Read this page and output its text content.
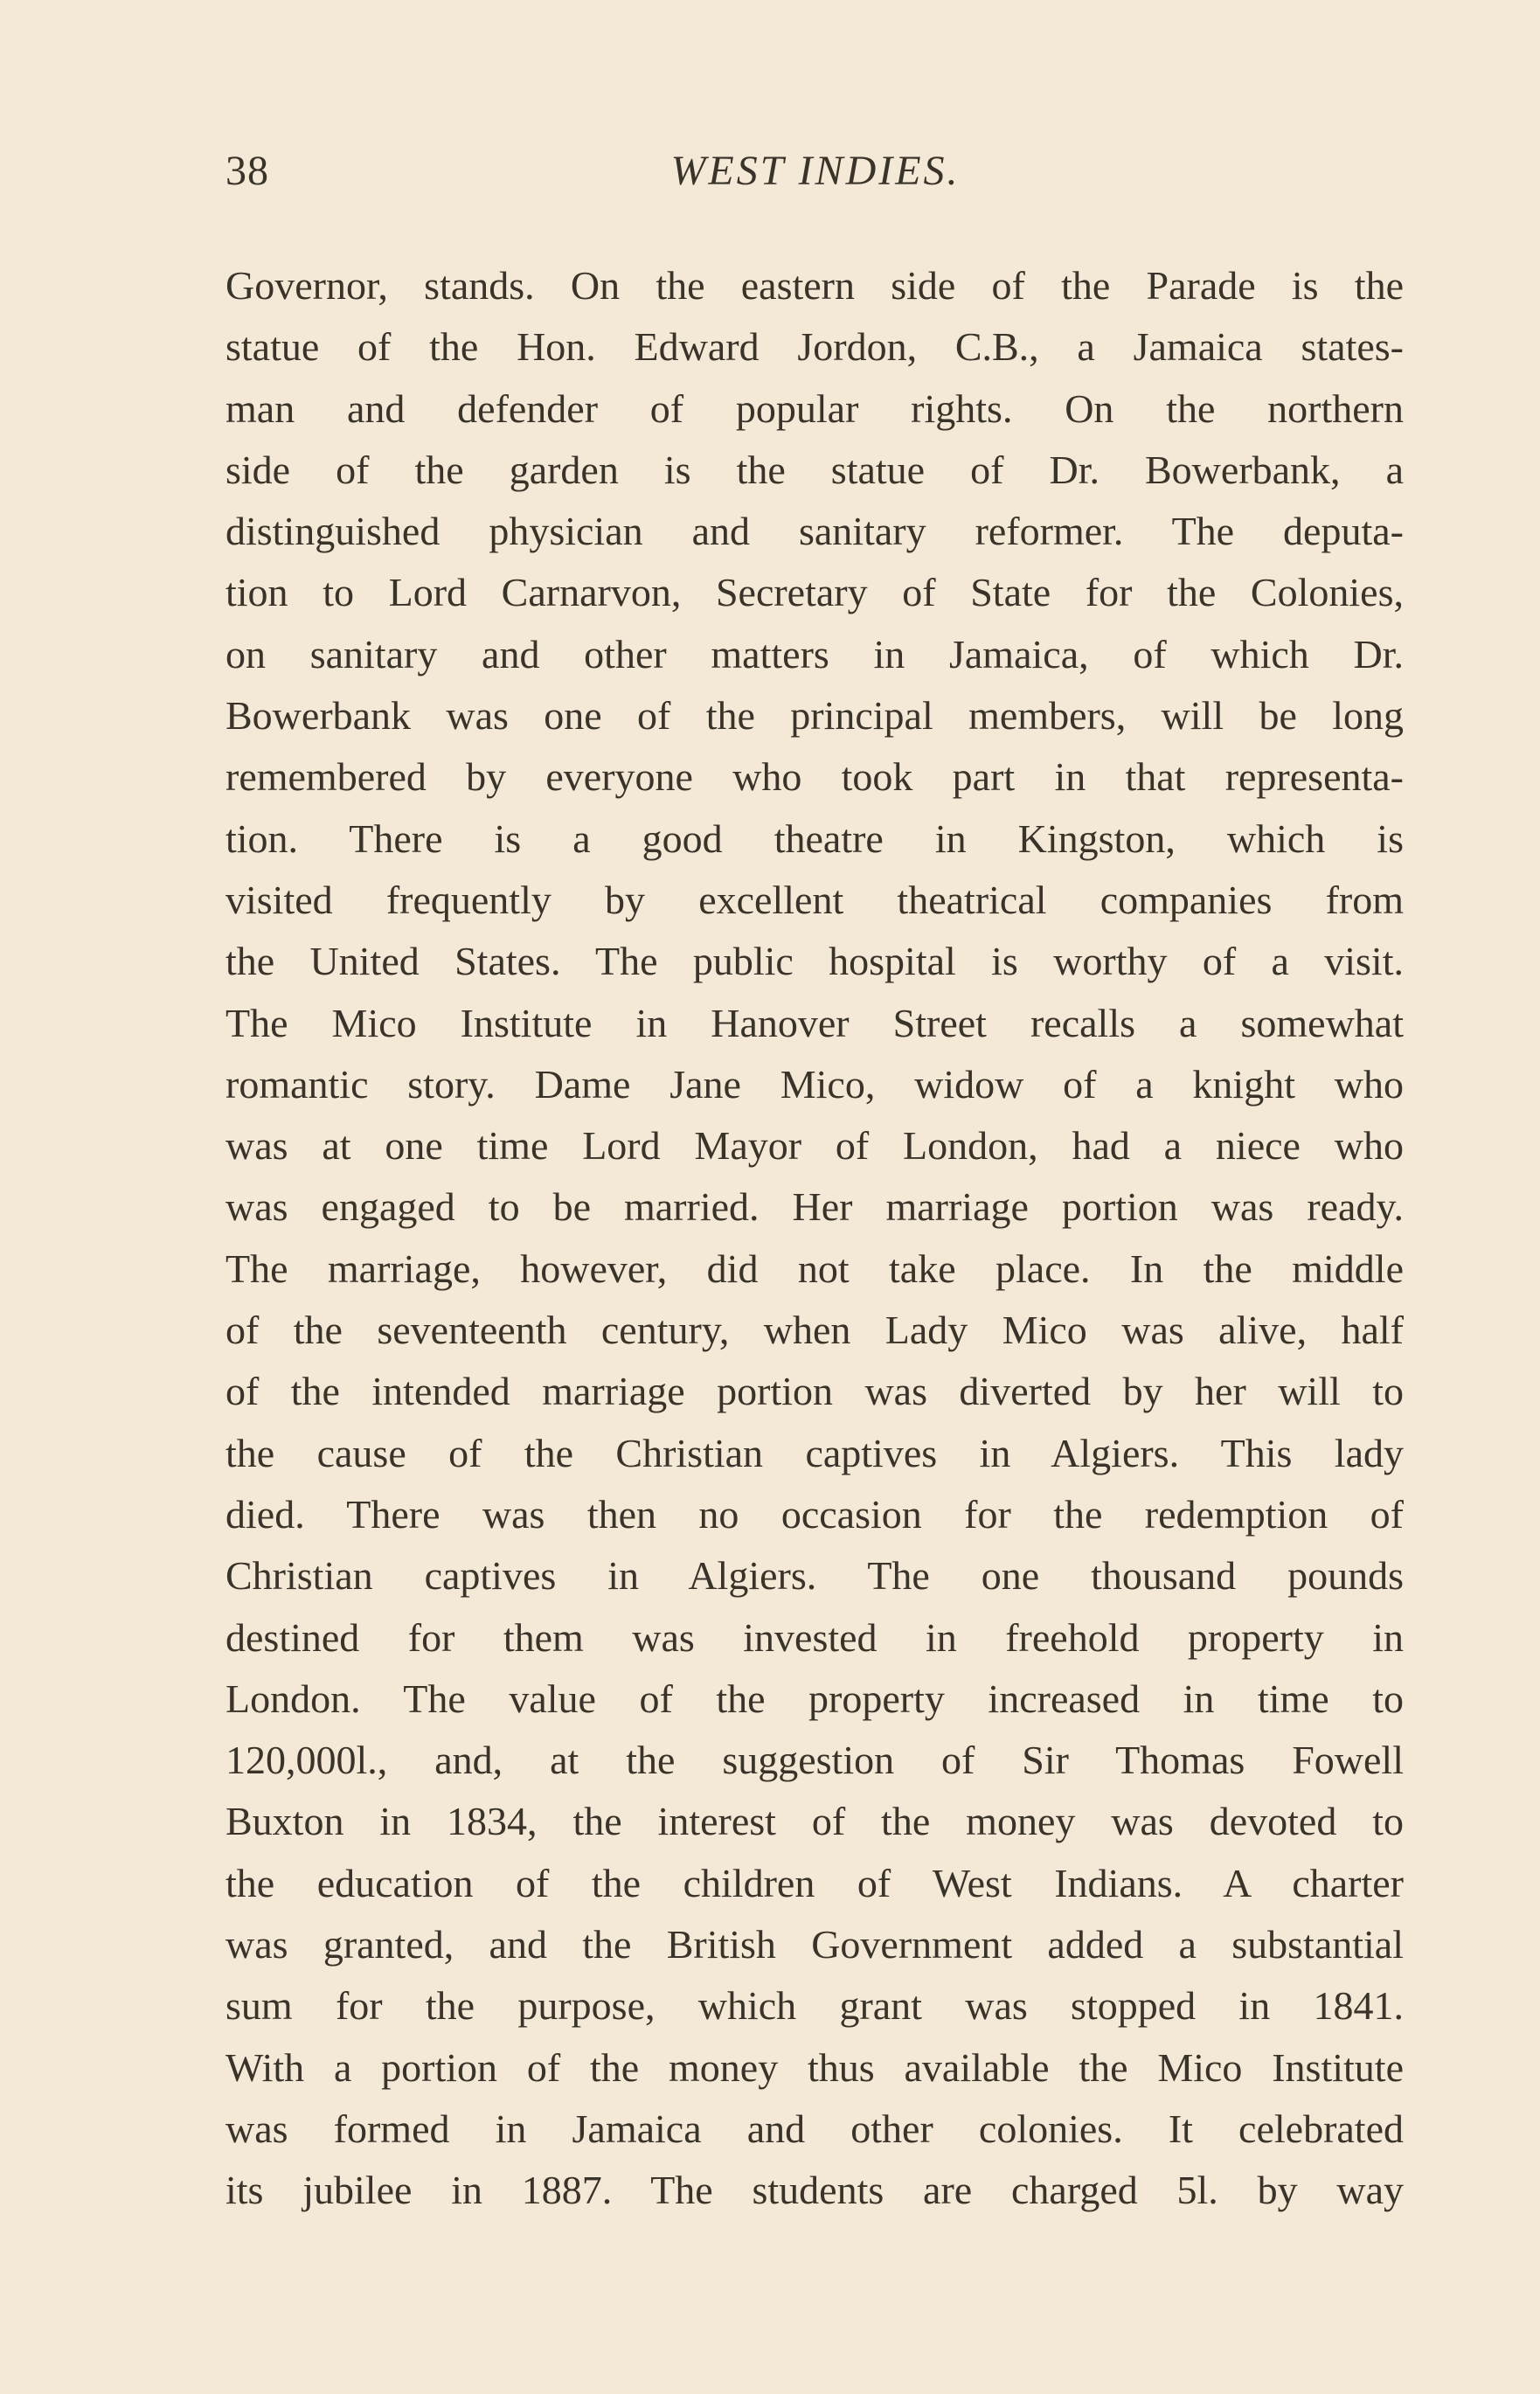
38	WEST INDIES.
Governor, stands. On the eastern side of the Parade is the
statue of the Hon. Edward Jordon, C.B., a Jamaica states-
man and defender of popular rights. On the northern
side of the garden is the statue of Dr. Bowerbank, a
distinguished physician and sanitary reformer. The deputa-
tion to Lord Carnarvon, Secretary of State for the Colonies,
on sanitary and other matters in Jamaica, of which Dr.
Bowerbank was one of the principal members, will be long
remembered by everyone who took part in that representa-
tion. There is a good theatre in Kingston, which is
visited frequently by excellent theatrical companies from
the United States. The public hospital is worthy of a visit.
The Mico Institute in Hanover Street recalls a somewhat
romantic story. Dame Jane Mico, widow of a knight who
was at one time Lord Mayor of London, had a niece who
was engaged to be married. Her marriage portion was ready.
The marriage, however, did not take place. In the middle
of the seventeenth century, when Lady Mico was alive, half
of the intended marriage portion was diverted by her will to
the cause of the Christian captives in Algiers. This lady
died. There was then no occasion for the redemption of
Christian captives in Algiers. The one thousand pounds
destined for them was invested in freehold property in
London. The value of the property increased in time to
120,000l., and, at the suggestion of Sir Thomas Fowell
Buxton in 1834, the interest of the money was devoted to
the education of the children of West Indians. A charter
was granted, and the British Government added a substantial
sum for the purpose, which grant was stopped in 1841.
With a portion of the money thus available the Mico Institute
was formed in Jamaica and other colonies. It celebrated
its jubilee in 1887. The students are charged 5l. by way
